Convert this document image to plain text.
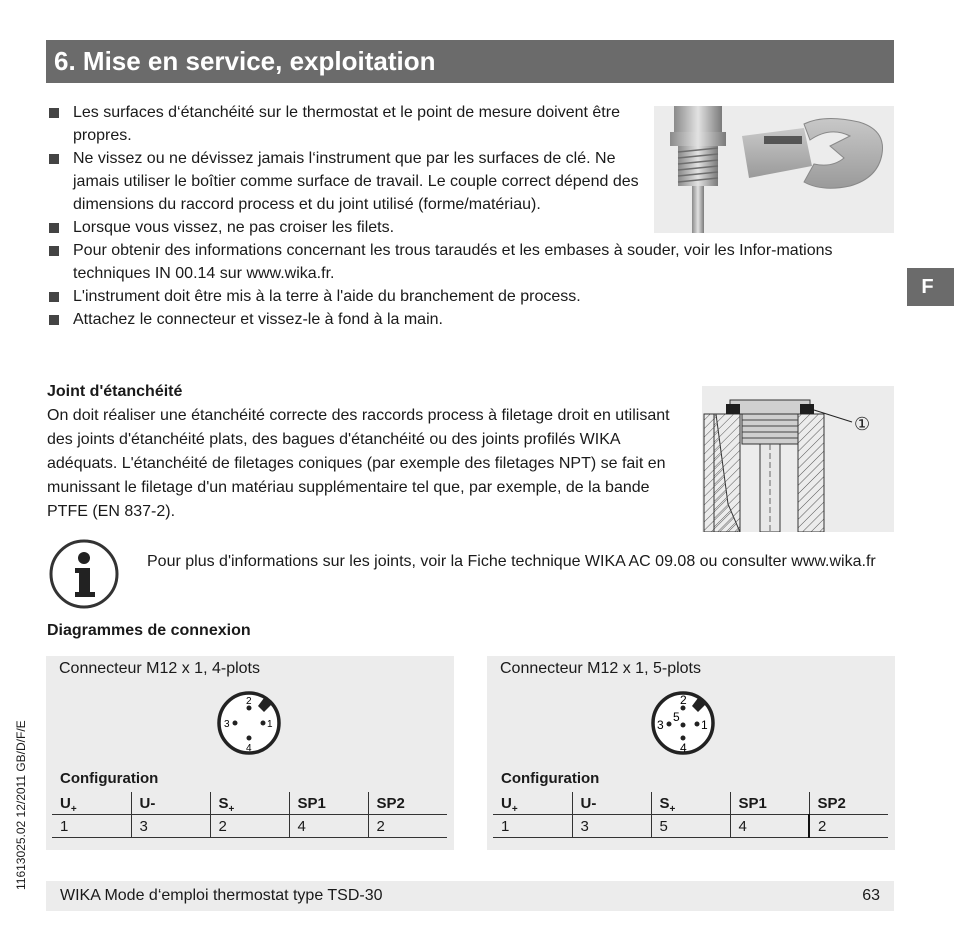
6. Mise en service, exploitation
Les surfaces d‘étanchéité sur le thermostat et le point de mesure doivent être propres.
Ne vissez ou ne dévissez jamais l‘instrument que par les surfaces de clé. Ne jamais utiliser le boîtier comme surface de travail. Le couple correct dépend des dimensions du raccord process et du joint utilisé (forme/matériau).
Lorsque vous vissez, ne pas croiser les filets.
Pour obtenir des informations concernant les trous taraudés et les embases à souder, voir les Infor-mations techniques IN 00.14 sur www.wika.fr.
L'instrument doit être mis à la terre à l'aide du branchement de process.
Attachez le connecteur et vissez-le à fond à la main.
F
Joint d'étanchéité
On doit réaliser une étanchéité correcte des raccords process à filetage droit en utilisant des joints d'étanchéité plats, des bagues d'étanchéité ou des joints profilés WIKA adéquats. L'étanchéité de filetages coniques (par exemple des filetages NPT) se fait en munissant le filetage d'un matériau supplémentaire tel que, par exemple, de la bande PTFE (EN 837-2).
①
Pour plus d'informations sur les joints, voir la Fiche technique WIKA AC 09.08 ou consulter www.wika.fr
Diagrammes de connexion
Connecteur M12 x 1, 4-plots
2
3	1
4
Configuration
$U_+$	U-	$S_+$	SP1	SP2
1	3	2	4	2
Connecteur M12 x 1, 5-plots
2
3	1
4
5
Configuration
$U_+$	U-	$S_+$	SP1	SP2
1	3	5	4	2
WIKA Mode d‘emploi thermostat type TSD-30	63
11613025.02 12/2011 GB/D/F/E
